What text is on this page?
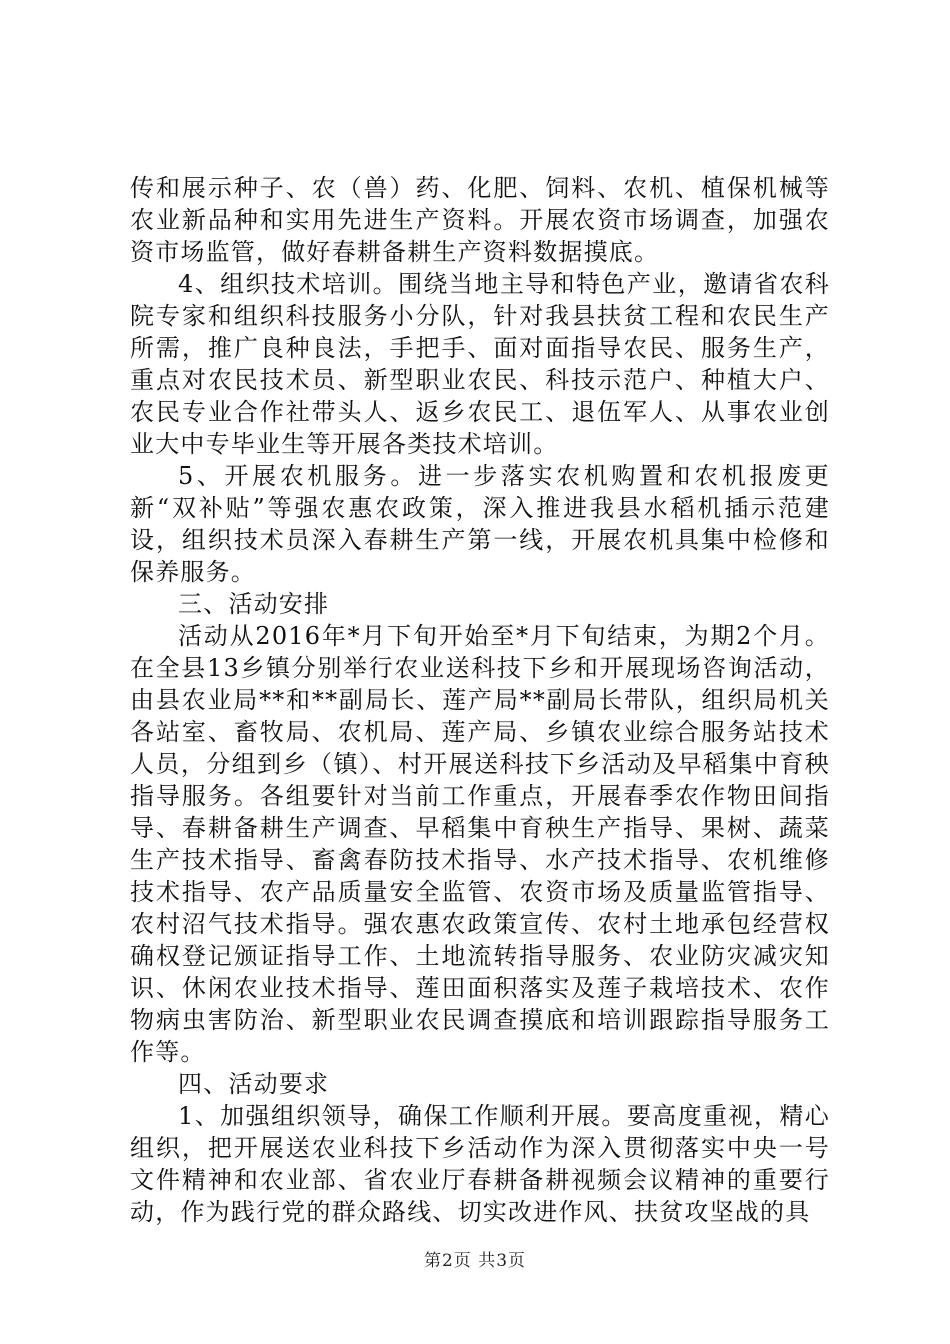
传和展示种子、农（兽）药、化肥、饲料、农机、植保机械等农业新品种和实用先进生产资料。开展农资市场调查，加强农资市场监管，做好春耕备耕生产资料数据摸底。

4、组织技术培训。围绕当地主导和特色产业，邀请省农科院专家和组织科技服务小分队，针对我县扶贫工程和农民生产所需，推广良种良法，手把手、面对面指导农民、服务生产，重点对农民技术员、新型职业农民、科技示范户、种植大户、农民专业合作社带头人、返乡农民工、退伍军人、从事农业创业大中专毕业生等开展各类技术培训。

5、开展农机服务。进一步落实农机购置和农机报废更新“双补贴”等强农惠农政策，深入推进我县水稻机插示范建设，组织技术员深入春耕生产第一线，开展农机具集中检修和保养服务。

三、活动安排

活动从2016年*月下旬开始至*月下旬结束，为期2个月。在全县13乡镇分别举行农业送科技下乡和开展现场咨询活动，由县农业局**和**副局长、莲产局**副局长带队，组织局机关各站室、畜牧局、农机局、莲产局、乡镇农业综合服务站技术人员，分组到乡（镇）、村开展送科技下乡活动及早稻集中育秧指导服务。各组要针对当前工作重点，开展春季农作物田间指导、春耕备耕生产调查、早稻集中育秧生产指导、果树、蔬菜生产技术指导、畜禽春防技术指导、水产技术指导、农机维修技术指导、农产品质量安全监管、农资市场及质量监管指导、农村沼气技术指导。强农惠农政策宣传、农村土地承包经营权确权登记颁证指导工作、土地流转指导服务、农业防灾减灾知识、休闲农业技术指导、莲田面积落实及莲子栽培技术、农作物病虫害防治、新型职业农民调查摸底和培训跟踪指导服务工作等。

四、活动要求

1、加强组织领导，确保工作顺利开展。要高度重视，精心组织，把开展送农业科技下乡活动作为深入贯彻落实中央一号文件精神和农业部、省农业厅春耕备耕视频会议精神的重要行动，作为践行党的群众路线、切实改进作风、扶贫攻坚战的具

第2页 共3页
